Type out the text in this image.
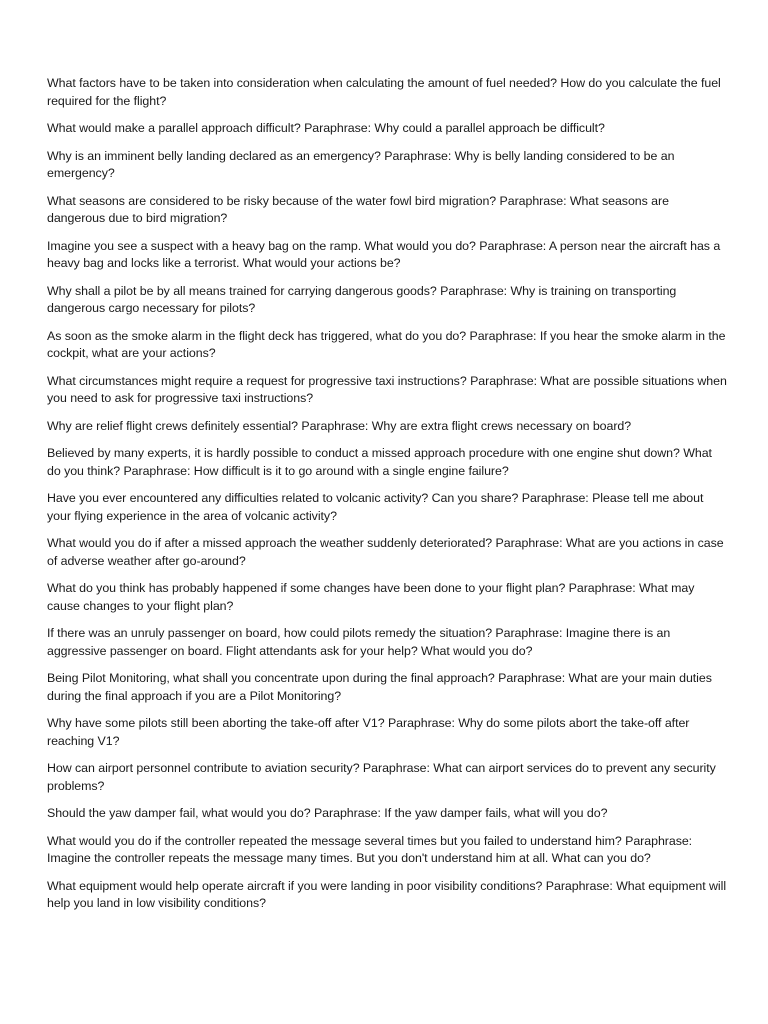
What factors have to be taken into consideration when calculating the amount of fuel needed? How do you calculate the fuel required for the flight?
What would make a parallel approach difficult? Paraphrase: Why could a parallel approach be difficult?
Why is an imminent belly landing declared as an emergency? Paraphrase: Why is belly landing considered to be an emergency?
What seasons are considered to be risky because of the water fowl bird migration? Paraphrase: What seasons are dangerous due to bird migration?
Imagine you see a suspect with a heavy bag on the ramp. What would you do? Paraphrase: A person near the aircraft has a heavy bag and locks like a terrorist. What would your actions be?
Why shall a pilot be by all means trained for carrying dangerous goods? Paraphrase: Why is training on transporting dangerous cargo necessary for pilots?
As soon as the smoke alarm in the flight deck has triggered, what do you do? Paraphrase: If you hear the smoke alarm in the cockpit, what are your actions?
What circumstances might require a request for progressive taxi instructions? Paraphrase: What are possible situations when you need to ask for progressive taxi instructions?
Why are relief flight crews definitely essential? Paraphrase: Why are extra flight crews necessary on board?
Believed by many experts, it is hardly possible to conduct a missed approach procedure with one engine shut down? What do you think? Paraphrase: How difficult is it to go around with a single engine failure?
Have you ever encountered any difficulties related to volcanic activity? Can you share? Paraphrase: Please tell me about your flying experience in the area of volcanic activity?
What would you do if after a missed approach the weather suddenly deteriorated? Paraphrase: What are you actions in case of adverse weather after go-around?
What do you think has probably happened if some changes have been done to your flight plan? Paraphrase: What may cause changes to your flight plan?
If there was an unruly passenger on board, how could pilots remedy the situation? Paraphrase: Imagine there is an aggressive passenger on board. Flight attendants ask for your help? What would you do?
Being Pilot Monitoring, what shall you concentrate upon during the final approach? Paraphrase: What are your main duties during the final approach if you are a Pilot Monitoring?
Why have some pilots still been aborting the take-off after V1? Paraphrase: Why do some pilots abort the take-off after reaching V1?
How can airport personnel contribute to aviation security? Paraphrase: What can airport services do to prevent any security problems?
Should the yaw damper fail, what would you do? Paraphrase: If the yaw damper fails, what will you do?
What would you do if the controller repeated the message several times but you failed to understand him? Paraphrase: Imagine the controller repeats the message many times. But you don't understand him at all. What can you do?
What equipment would help operate aircraft if you were landing in poor visibility conditions? Paraphrase: What equipment will help you land in low visibility conditions?
